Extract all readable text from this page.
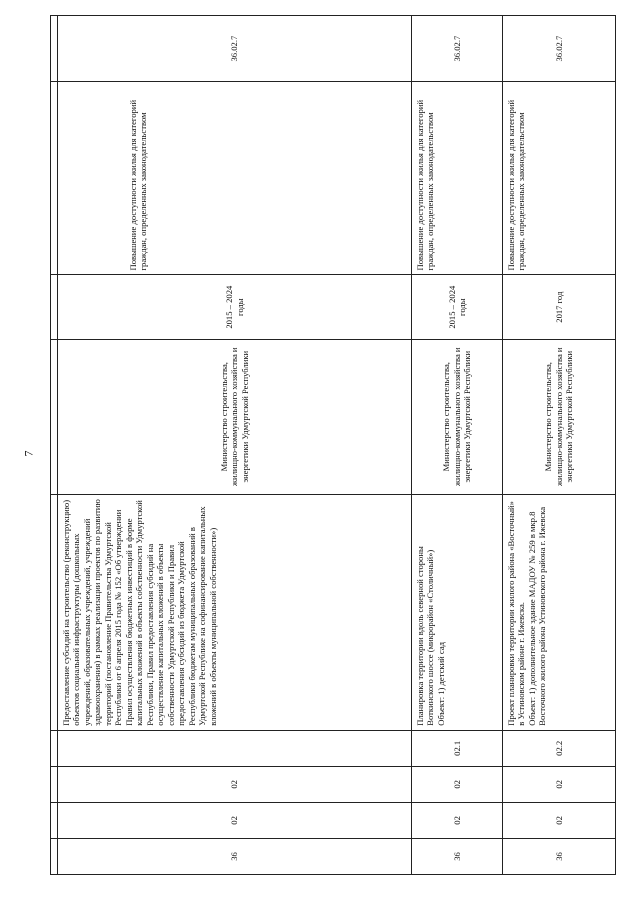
7

36	02	02		Предоставление субсидий на строительство (реконструкцию) объектов социальной инфраструктуры (дошкольных учреждений, образовательных учреждений, учреждений здравоохранения) в рамках реализации проектов по развитию территорий (постановление Правительства Удмуртской Республики от 6 апреля 2015 года № 152 «Об утверждении Правил осуществления бюджетных инвестиций в форме капитальных вложений в объекты собственности Удмуртской Республики, Правил предоставления субсидий на осуществление капитальных вложений в объекты собственности Удмуртской Республики и Правил предоставления субсидий из бюджета Удмуртской Республики бюджетам муниципальных образований в Удмуртской Республике на софинансирование капитальных вложений в объекты муниципальной собственности»)	Министерство строительства, жилищно-коммунального хозяйства и энергетики Удмуртской Республики	2015 – 2024 годы	Повышение доступности жилья для категорий граждан, определенных законодательством	36.02.7
36	02	02	02.1	Планировка территории вдоль северной стороны Воткинского шоссе (микрорайон «Столичный»)
Объект: 1) детский сад	Министерство строительства, жилищно-коммунального хозяйства и энергетики Удмуртской Республики	2015 – 2024 годы	Повышение доступности жилья для категорий граждан, определенных законодательством	36.02.7
36	02	02	02.2	Проект планировки территории жилого района «Восточный» в Устиновском районе г. Ижевска.
Объект: 1) дополнительное здание МАДОУ № 259 в мкр.8 Восточного жилого района Устиновского района г. Ижевска	Министерство строительства, жилищно-коммунального хозяйства и энергетики Удмуртской Республики	2017 год	Повышение доступности жилья для категорий граждан, определенных законодательством	36.02.7
